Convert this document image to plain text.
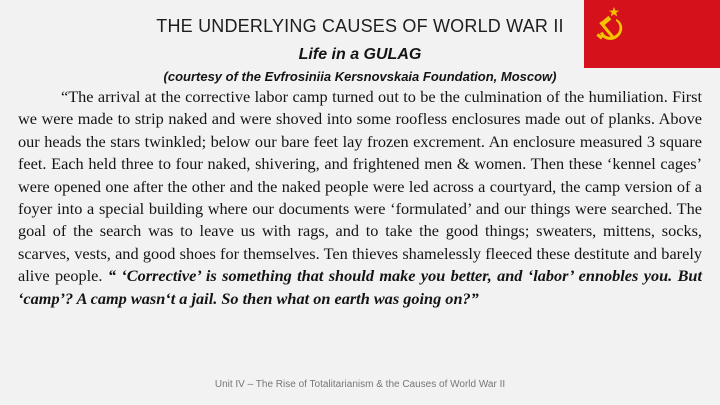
THE UNDERLYING CAUSES OF WORLD WAR II
Life in a GULAG
(courtesy of the Evfrosiniia Kersnovskaia Foundation, Moscow)

“The arrival at the corrective labor camp turned out to be the culmination of the humiliation. First we were made to strip naked and were shoved into some roofless enclosures made out of planks. Above our heads the stars twinkled; below our bare feet lay frozen excrement. An enclosure measured 3 square feet. Each held three to four naked, shivering, and frightened men & women. Then these ‘kennel cages’ were opened one after the other and the naked people were led across a courtyard, the camp version of a foyer into a special building where our documents were ‘formulated’ and our things were searched. The goal of the search was to leave us with rags, and to take the good things; sweaters, mittens, socks, scarves, vests, and good shoes for themselves. Ten thieves shamelessly fleeced these destitute and barely alive people. “ ‘Corrective’ is something that should make you better, and ‘labor’ ennobles you. But ‘camp’? A camp wasn‘t a jail. So then what on earth was going on?”

Unit IV – The Rise of Totalitarianism & the Causes of World War II
